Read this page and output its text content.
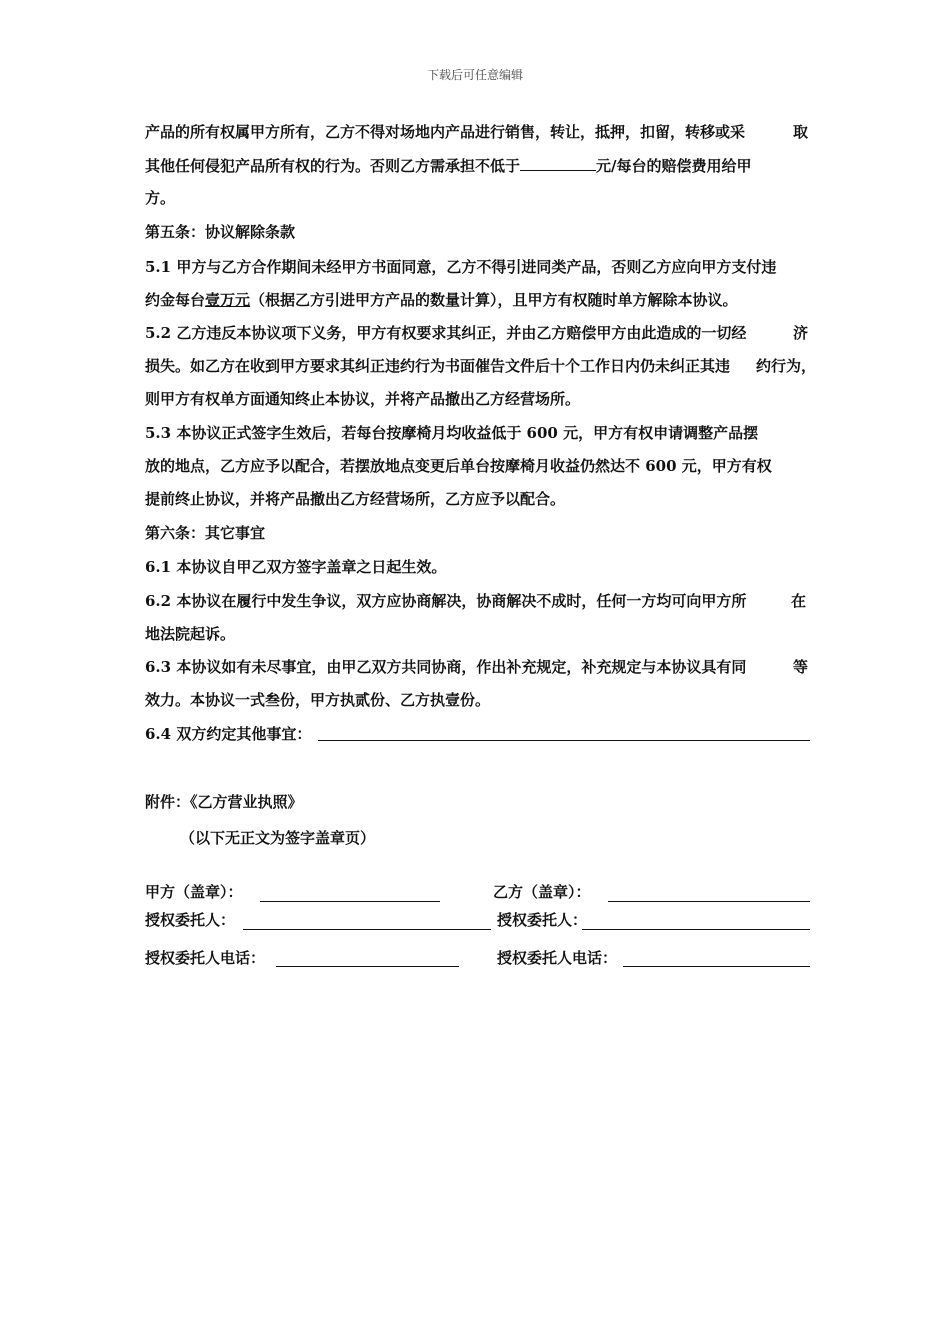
下载后可任意编辑
产品的所有权属甲方所有，乙方不得对场地内产品进行销售，转让，抵押，扣留，转移或采	取
其他任何侵犯产品所有权的行为。否则乙方需承担不低于	元/每台的赔偿费用给甲
方。
第五条：协议解除条款
5.1 甲方与乙方合作期间未经甲方书面同意，乙方不得引进同类产品，否则乙方应向甲方支付违
约金每台壹万元（根据乙方引进甲方产品的数量计算），且甲方有权随时单方解除本协议。
5.2 乙方违反本协议项下义务，甲方有权要求其纠正，并由乙方赔偿甲方由此造成的一切经	济
损失。如乙方在收到甲方要求其纠正违约行为书面催告文件后十个工作日内仍未纠正其违 约行为，
则甲方有权单方面通知终止本协议，并将产品撤出乙方经营场所。
5.3 本协议正式签字生效后，若每台按摩椅月均收益低于 600 元，甲方有权申请调整产品摆
放的地点，乙方应予以配合，若摆放地点变更后单台按摩椅月收益仍然达不 600 元，甲方有权
提前终止协议，并将产品撤出乙方经营场所，乙方应予以配合。
第六条：其它事宜
6.1 本协议自甲乙双方签字盖章之日起生效。
6.2 本协议在履行中发生争议，双方应协商解决，协商解决不成时，任何一方均可向甲方所	在
地法院起诉。
6.3 本协议如有未尽事宜，由甲乙双方共同协商，作出补充规定，补充规定与本协议具有同	等
效力。本协议一式叁份，甲方执贰份、乙方执壹份。
6.4 双方约定其他事宜：
附件：《乙方营业执照》
（以下无正文为签字盖章页）
甲方（盖章）：	乙方（盖章）：
授权委托人：	授权委托人：
授权委托人电话：	授权委托人电话：
